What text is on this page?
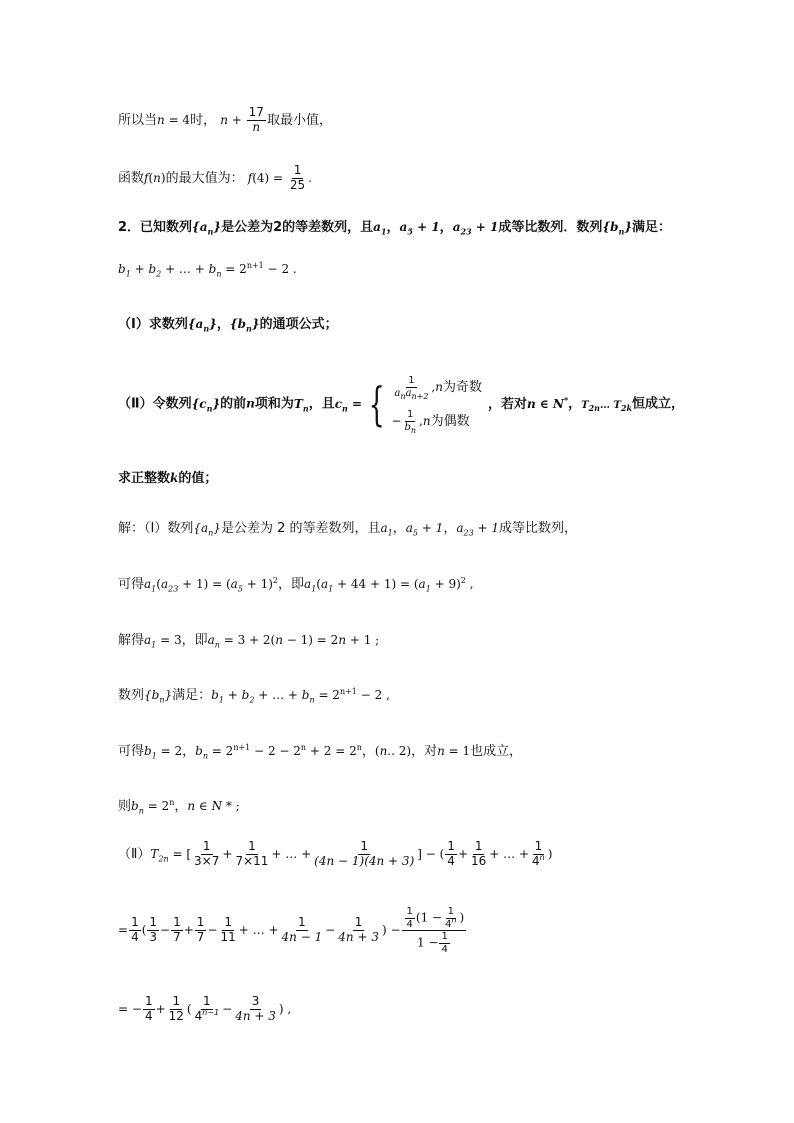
所以当n = 4时， $n + \frac{17}{n}$ 取最小值，
函数f(n)的最大值为： $f(4) = \frac{1}{25}$ .
2．已知数列$\{a_n\}$是公差为2的等差数列，且$a_1$，$a_5 + 1$，$a_{23} + 1$成等比数列．数列$\{b_n\}$满足：
$b_1 + b_2$ + … + $b_n = 2^{n+1} - 2$ .
（Ⅰ）求数列$\{a_n\}$，$\{b_n\}$的通项公式；
（Ⅱ）令数列$\{c_n\}$的前n项和为$T_n$，且$c_n$ = { $\frac{1}{a_na_{n+2}}$ , n 为奇数
− $\frac{1}{b_n}$ , n 为偶数
，若对n ∈ N*，$T_{2n}\dots$ $T_{2k}$恒成立，
求正整数k的值；
解：（Ⅰ）数列$\{a_n\}$是公差为 2 的等差数列，且$a_1$，$a_5 + 1$，$a_{23} + 1$成等比数列，
可得$a_1(a_{23} + 1) = (a_5 + 1)^2$，即$a_1(a_1 + 44 + 1) = (a_1 + 9)^2$ ,
解得$a_1 = 3$，即$a_n = 3 + 2(n - 1) = 2n + 1$ ;
数列$\{b_n\}$满足：$b_1 + b_2$ + … + $b_n = 2^{n+1} - 2$ ,
可得$b_1 = 2$，$b_n = 2^{n+1} - 2 - 2^n + 2 = 2^n$，(n.. 2)，对n = 1也成立，
则$b_n = 2^n$，n ∈ N * ;
$(Ⅱ)T_{2n}$ = [ $\frac{1}{3\times 7} + \frac{1}{7\times 11}$ + … + $\frac{1}{(4n - 1)(4n + 3)}$ ] − ( $\frac{1}{4} + \frac{1}{16}$ + … + $\frac{1}{4^n}$ )
= $\frac{1}{4}$ ( $\frac{1}{3} - \frac{1}{7} + \frac{1}{7} - \frac{1}{11}$ + … + $\frac{1}{4n - 1} - \frac{1}{4n + 3}$ ) − $\frac{\frac{1}{4} (1 - \frac{1}{4^n} )}{1 - \frac{1}{4}}$
= − $\frac{1}{4} + \frac{1}{12}$ ( $\frac{1}{4^{n-1}} - \frac{3}{4n + 3}$ ) ,
